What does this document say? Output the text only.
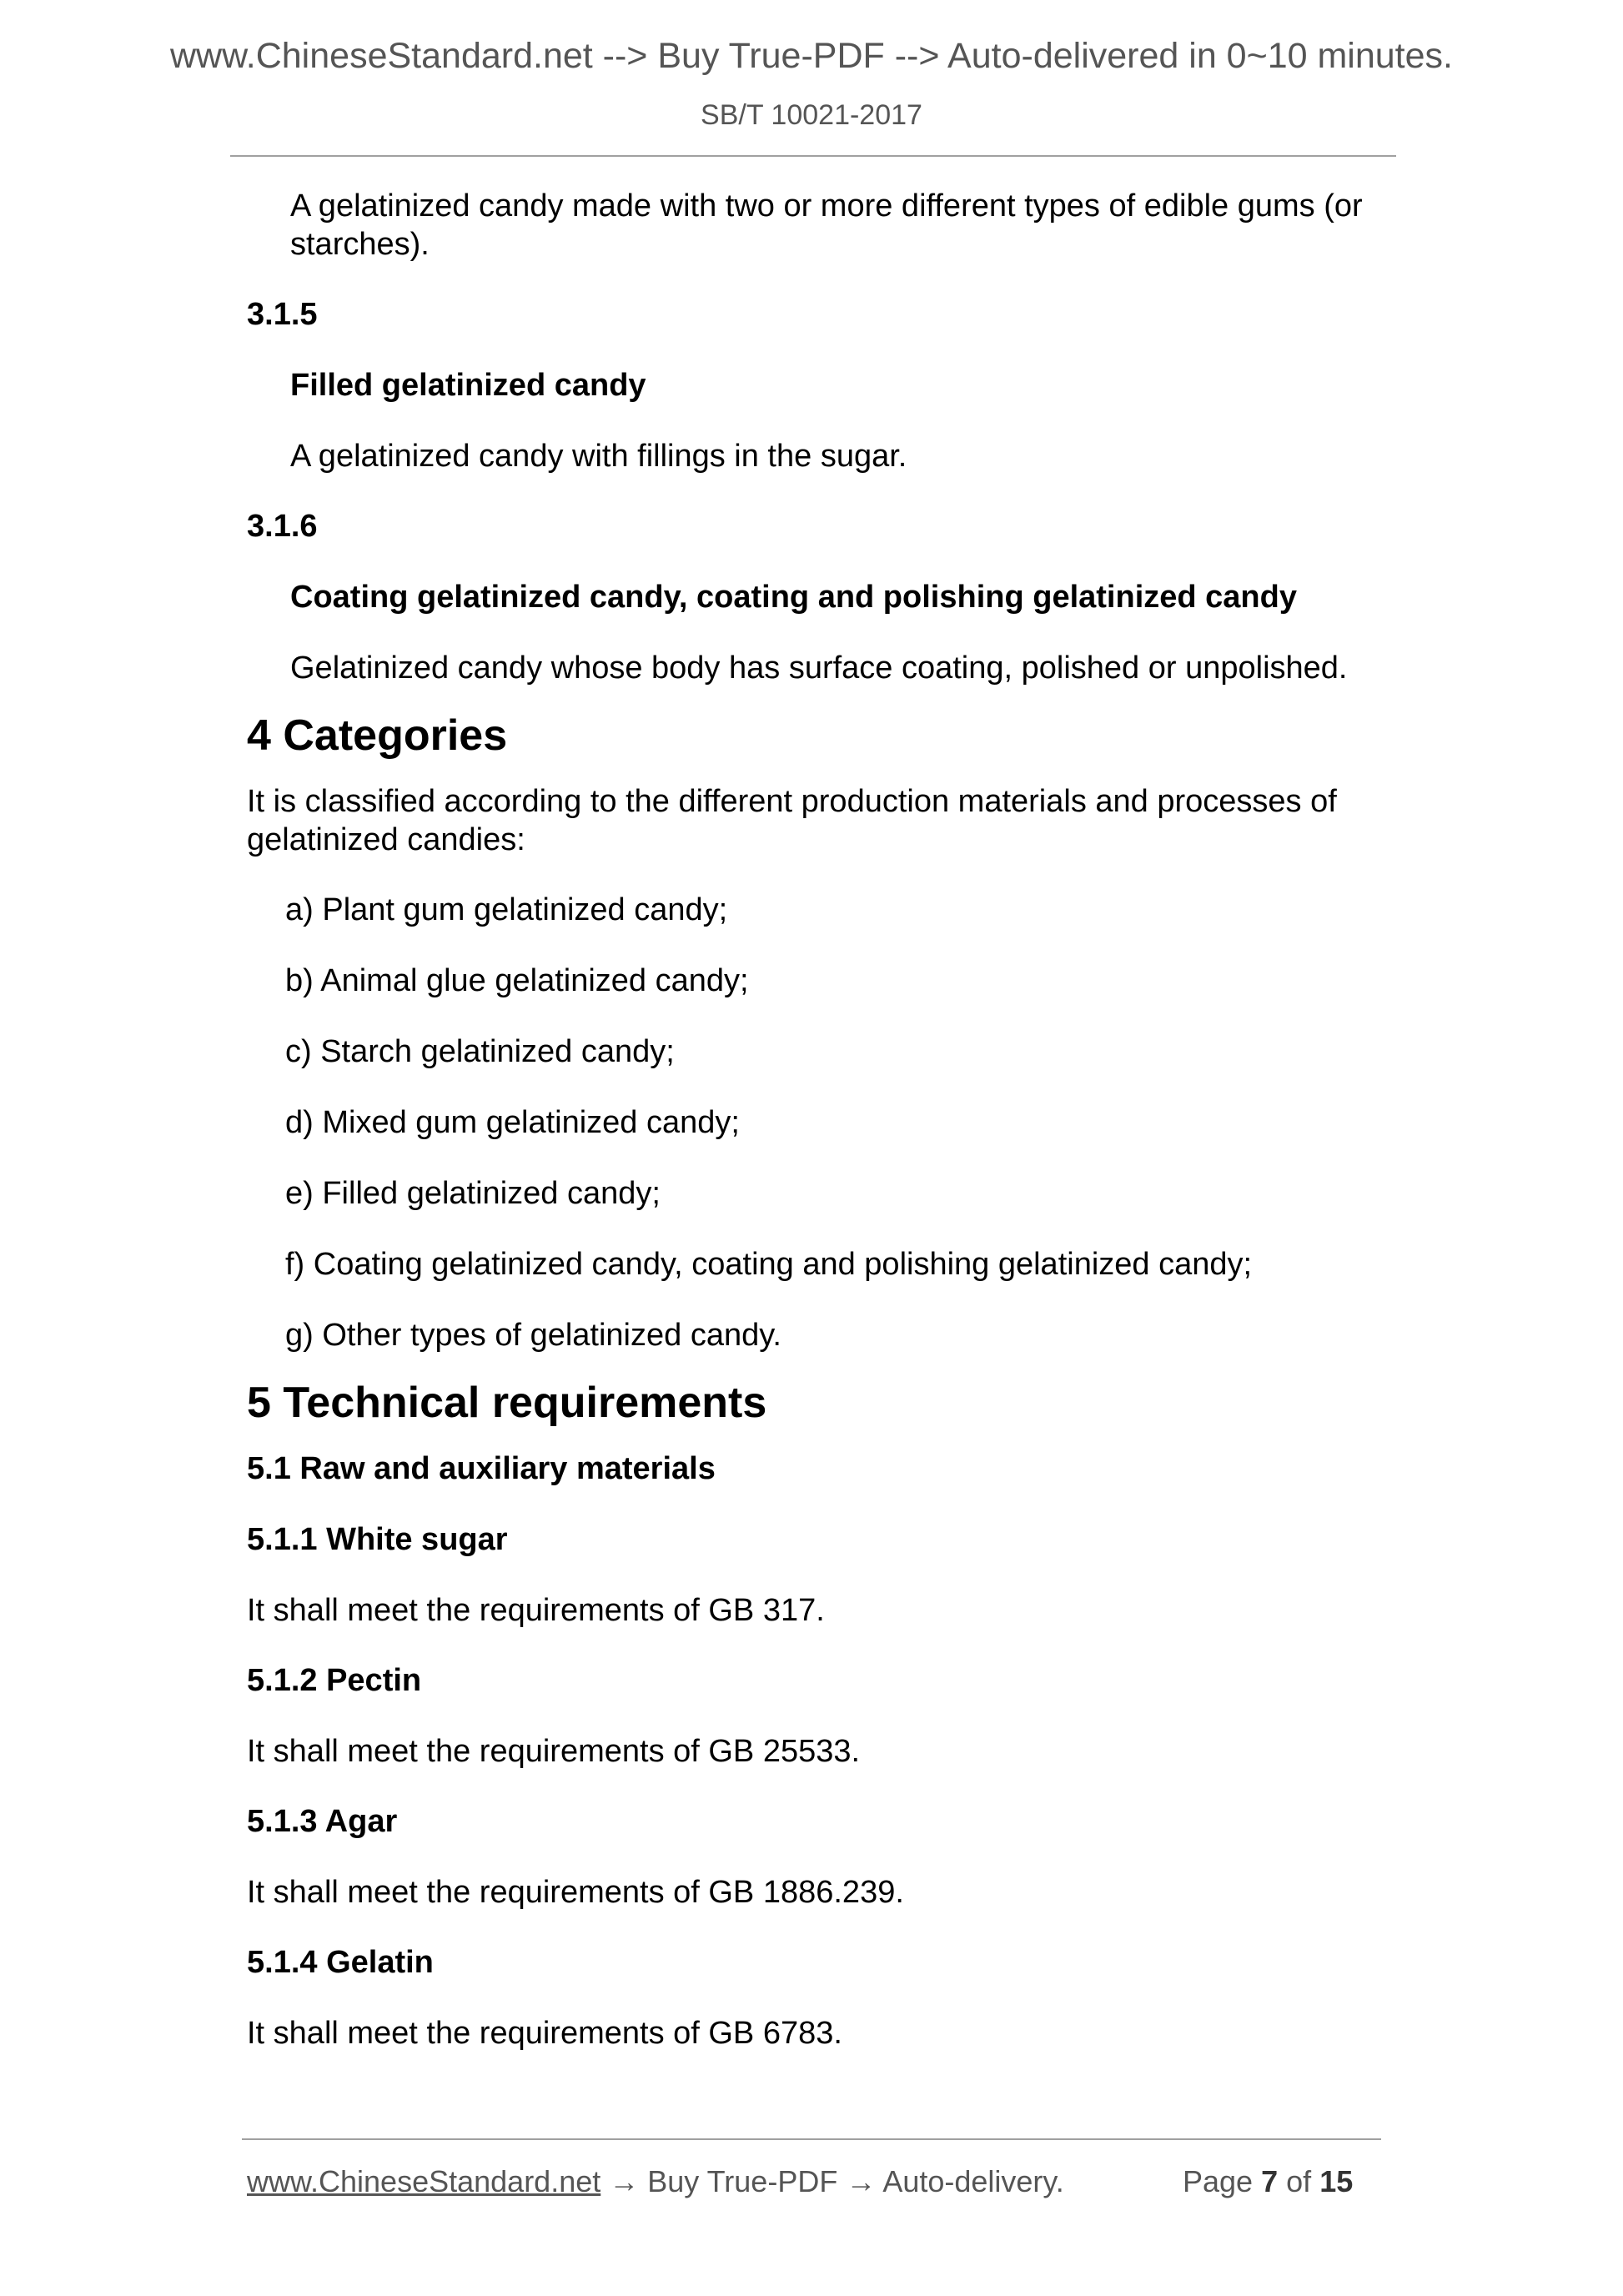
www.ChineseStandard.net --> Buy True-PDF --> Auto-delivered in 0~10 minutes.
SB/T 10021-2017

A gelatinized candy made with two or more different types of edible gums (or starches).

3.1.5

Filled gelatinized candy

A gelatinized candy with fillings in the sugar.

3.1.6

Coating gelatinized candy, coating and polishing gelatinized candy

Gelatinized candy whose body has surface coating, polished or unpolished.

4 Categories

It is classified according to the different production materials and processes of gelatinized candies:

a) Plant gum gelatinized candy;

b) Animal glue gelatinized candy;

c) Starch gelatinized candy;

d) Mixed gum gelatinized candy;

e) Filled gelatinized candy;

f) Coating gelatinized candy, coating and polishing gelatinized candy;

g) Other types of gelatinized candy.

5 Technical requirements

5.1 Raw and auxiliary materials

5.1.1 White sugar

It shall meet the requirements of GB 317.

5.1.2 Pectin

It shall meet the requirements of GB 25533.

5.1.3 Agar

It shall meet the requirements of GB 1886.239.

5.1.4 Gelatin

It shall meet the requirements of GB 6783.

www.ChineseStandard.net → Buy True-PDF → Auto-delivery.	Page 7 of 15
